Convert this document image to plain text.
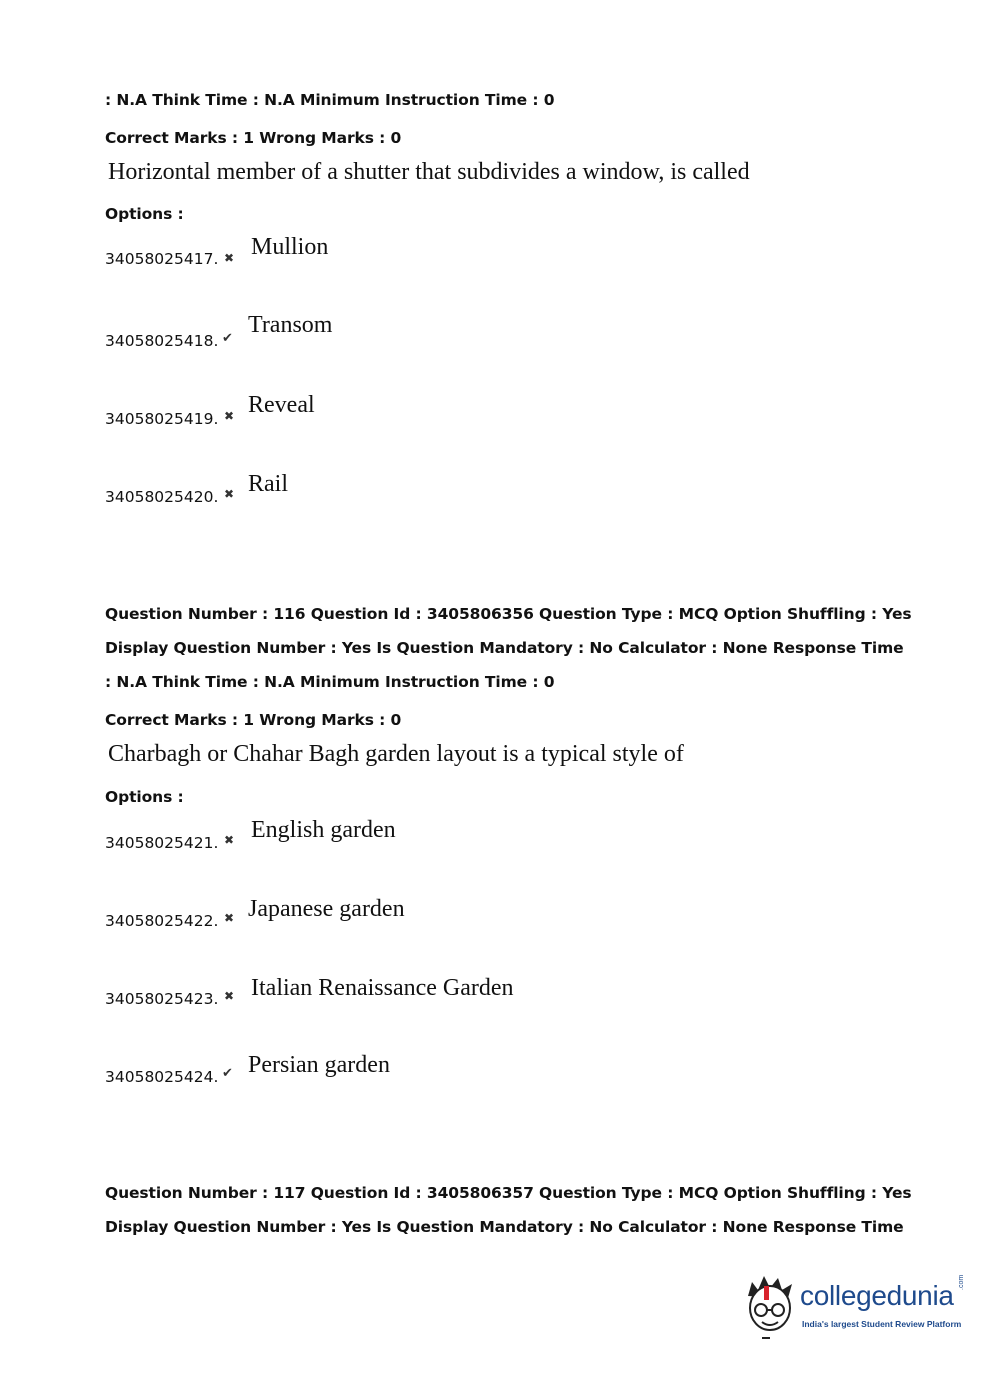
: N.A Think Time : N.A Minimum Instruction Time : 0
Correct Marks : 1 Wrong Marks : 0
Horizontal member of a shutter that subdivides a window, is called
Options :
34058025417. ✖ Mullion
34058025418. ✔
Transom
34058025419. ✖ Reveal
34058025420. ✖ Rail
Question Number : 116 Question Id : 3405806356 Question Type : MCQ Option Shuffling : Yes
Display Question Number : Yes Is Question Mandatory : No Calculator : None Response Time
: N.A Think Time : N.A Minimum Instruction Time : 0
Correct Marks : 1 Wrong Marks : 0
Charbagh or Chahar Bagh garden layout is a typical style of
Options :
34058025421. ✖ English garden
34058025422. ✖ Japanese garden
34058025423. ✖ Italian Renaissance Garden
34058025424. ✔ Persian garden
Question Number : 117 Question Id : 3405806357 Question Type : MCQ Option Shuffling : Yes
Display Question Number : Yes Is Question Mandatory : No Calculator : None Response Time
collegedunia .com
India's largest Student Review Platform
